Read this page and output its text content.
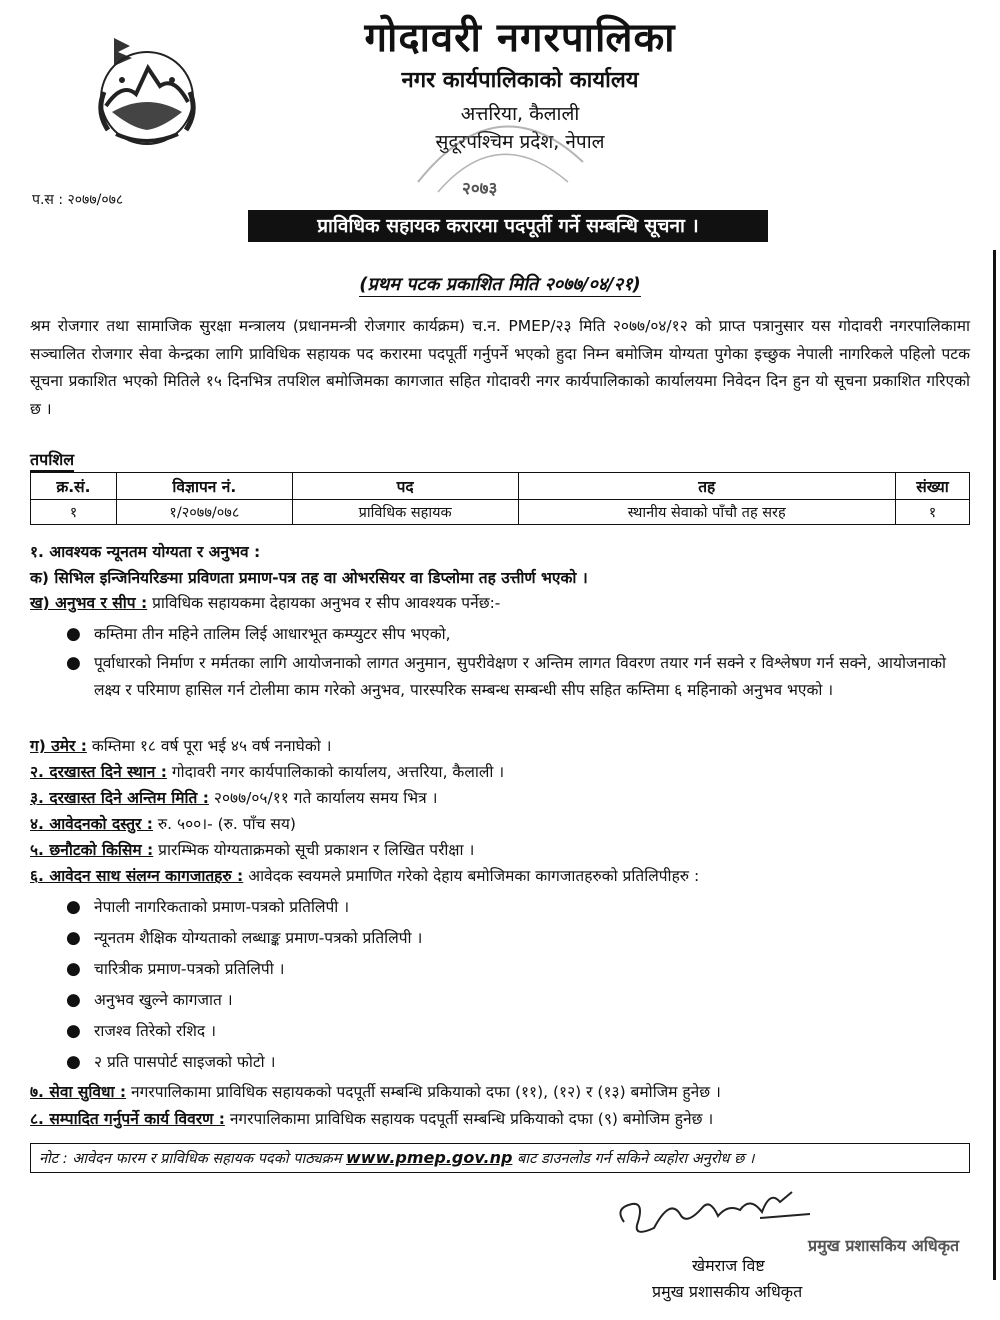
गोदावरी नगरपालिका
नगर कार्यपालिकाको कार्यालय
अत्तरिया, कैलाली
सुदूरपश्चिम प्रदेश, नेपाल
२०७३
प.स : २०७७/०७८
प्राविधिक सहायक करारमा पदपूर्ती गर्ने सम्बन्धि सूचना ।
(प्रथम पटक प्रकाशित मिति २०७७/०४/२१)
श्रम रोजगार तथा सामाजिक सुरक्षा मन्त्रालय (प्रधानमन्त्री रोजगार कार्यक्रम) च.न. PMEP/२३ मिति २०७७/०४/१२ को प्राप्त पत्रानुसार यस गोदावरी नगरपालिकामा सञ्चालित रोजगार सेवा केन्द्रका लागि प्राविधिक सहायक पद करारमा पदपूर्ती गर्नुपर्ने भएको हुदा निम्न बमोजिम योग्यता पुगेका इच्छुक नेपाली नागरिकले पहिलो पटक सूचना प्रकाशित भएको मितिले १५ दिनभित्र तपशिल बमोजिमका कागजात सहित गोदावरी नगर कार्यपालिकाको कार्यालयमा निवेदन दिन हुन यो सूचना प्रकाशित गरिएको छ ।
तपशिल
क्र.सं.	विज्ञापन नं.	पद	तह	संख्या
१	१/२०७७/०७८	प्राविधिक सहायक	स्थानीय सेवाको पाँचौ तह सरह	१
१. आवश्यक न्यूनतम योग्यता र अनुभव :
क) सिभिल इन्जिनियरिङमा प्रविणता प्रमाण-पत्र तह वा ओभरसियर वा डिप्लोमा तह उत्तीर्ण भएको ।
ख) अनुभव र सीप : प्राविधिक सहायकमा देहायका अनुभव र सीप आवश्यक पर्नेछ:-
● कम्तिमा तीन महिने तालिम लिई आधारभूत कम्प्युटर सीप भएको,
● पूर्वाधारको निर्माण र मर्मतका लागि आयोजनाको लागत अनुमान, सुपरीवेक्षण र अन्तिम लागत विवरण तयार गर्न सक्ने र विश्लेषण गर्न सक्ने, आयोजनाको लक्ष्य र परिमाण हासिल गर्न टोलीमा काम गरेको अनुभव, पारस्परिक सम्बन्ध सम्बन्धी सीप सहित कम्तिमा ६ महिनाको अनुभव भएको ।
ग) उमेर : कम्तिमा १८ वर्ष पूरा भई ४५ वर्ष ननाघेको ।
२. दरखास्त दिने स्थान : गोदावरी नगर कार्यपालिकाको कार्यालय, अत्तरिया, कैलाली ।
३. दरखास्त दिने अन्तिम मिति : २०७७/०५/११ गते कार्यालय समय भित्र ।
४. आवेदनको दस्तुर : रु. ५००।- (रु. पाँच सय)
५. छनौटको किसिम : प्रारम्भिक योग्यताक्रमको सूची प्रकाशन र लिखित परीक्षा ।
६. आवेदन साथ संलग्न कागजातहरु : आवेदक स्वयमले प्रमाणित गरेको देहाय बमोजिमका कागजातहरुको प्रतिलिपीहरु :
● नेपाली नागरिकताको प्रमाण-पत्रको प्रतिलिपी ।
● न्यूनतम शैक्षिक योग्यताको लब्धाङ्क प्रमाण-पत्रको प्रतिलिपी ।
● चारित्रीक प्रमाण-पत्रको प्रतिलिपी ।
● अनुभव खुल्ने कागजात ।
● राजश्व तिरेको रशिद ।
● २ प्रति पासपोर्ट साइजको फोटो ।
७. सेवा सुविधा : नगरपालिकामा प्राविधिक सहायकको पदपूर्ती सम्बन्धि प्रकियाको दफा (११), (१२) र (१३) बमोजिम हुनेछ ।
८. सम्पादित गर्नुपर्ने कार्य विवरण : नगरपालिकामा प्राविधिक सहायक पदपूर्ती सम्बन्धि प्रकियाको दफा (९) बमोजिम हुनेछ ।
नोट : आवेदन फारम र प्राविधिक सहायक पदको पाठ्यक्रम www.pmep.gov.np बाट डाउनलोड गर्न सकिने व्यहोरा अनुरोध छ ।
प्रमुख प्रशासकिय अधिकृत
खेमराज विष्ट
प्रमुख प्रशासकीय अधिकृत
